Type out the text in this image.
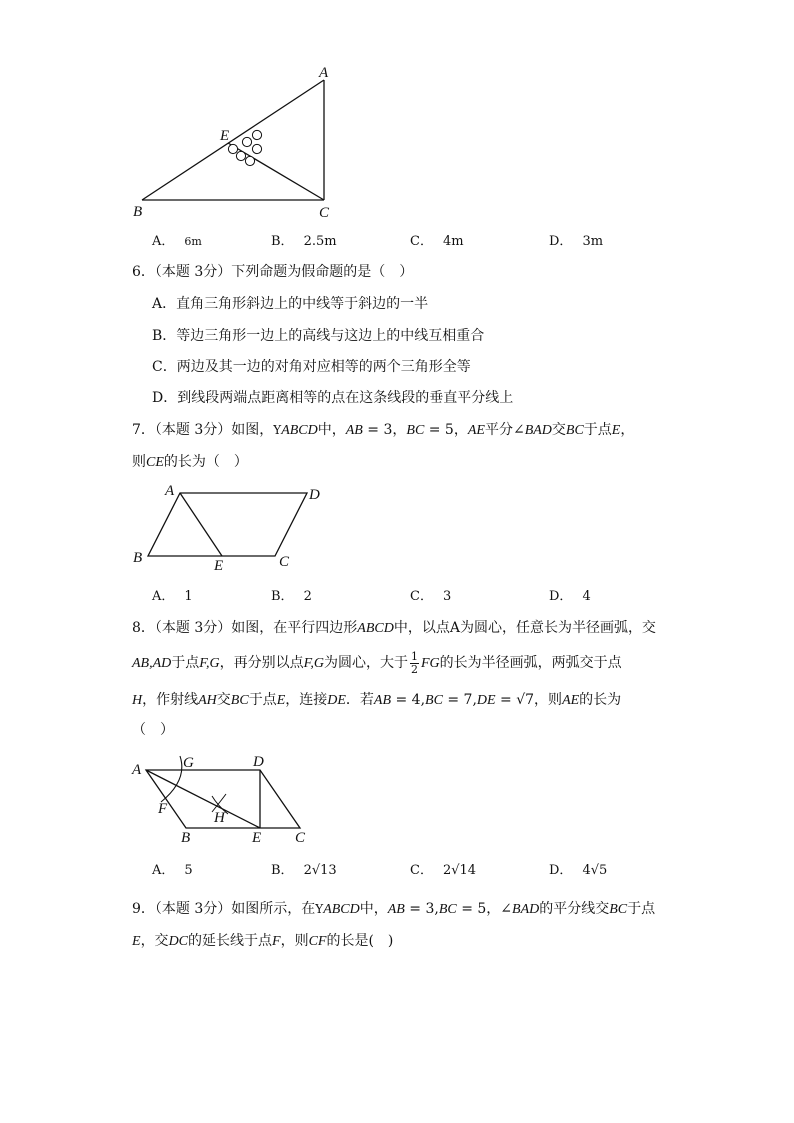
A
E
B	C
A． 6m	B． 2.5m	C． 4m	D． 3m
6．（本题 3分）下列命题为假命题的是（　）
A．直角三角形斜边上的中线等于斜边的一半
B．等边三角形一边上的高线与这边上的中线互相重合
C．两边及其一边的对角对应相等的两个三角形全等
D．到线段两端点距离相等的点在这条线段的垂直平分线上
7．（本题 3分）如图，YABCD中，AB = 3，BC = 5，AE平分∠BAD交BC于点E，
则CE的长为（　）
A	D
B	E	C
A． 1	B． 2	C． 3	D． 4
8．（本题 3分）如图，在平行四边形ABCD中，以点A为圆心，任意长为半径画弧，交
AB,AD于点F,G，再分别以点F,G为圆心，大于 $\frac{1}{2}$ FG的长为半径画弧，两弧交于点
H，作射线AH交BC于点E，连接DE．若AB = 4,BC = 7,DE = √7，则AE的长为
（　）
A	G	D
F
H
B	E C
A． 5	B． 2√13	C． 2√14	D． 4√5
9．（本题 3分）如图所示，在YABCD中，AB = 3,BC = 5，∠BAD的平分线交BC于点
E，交DC的延长线于点F，则CF的长是(　)
